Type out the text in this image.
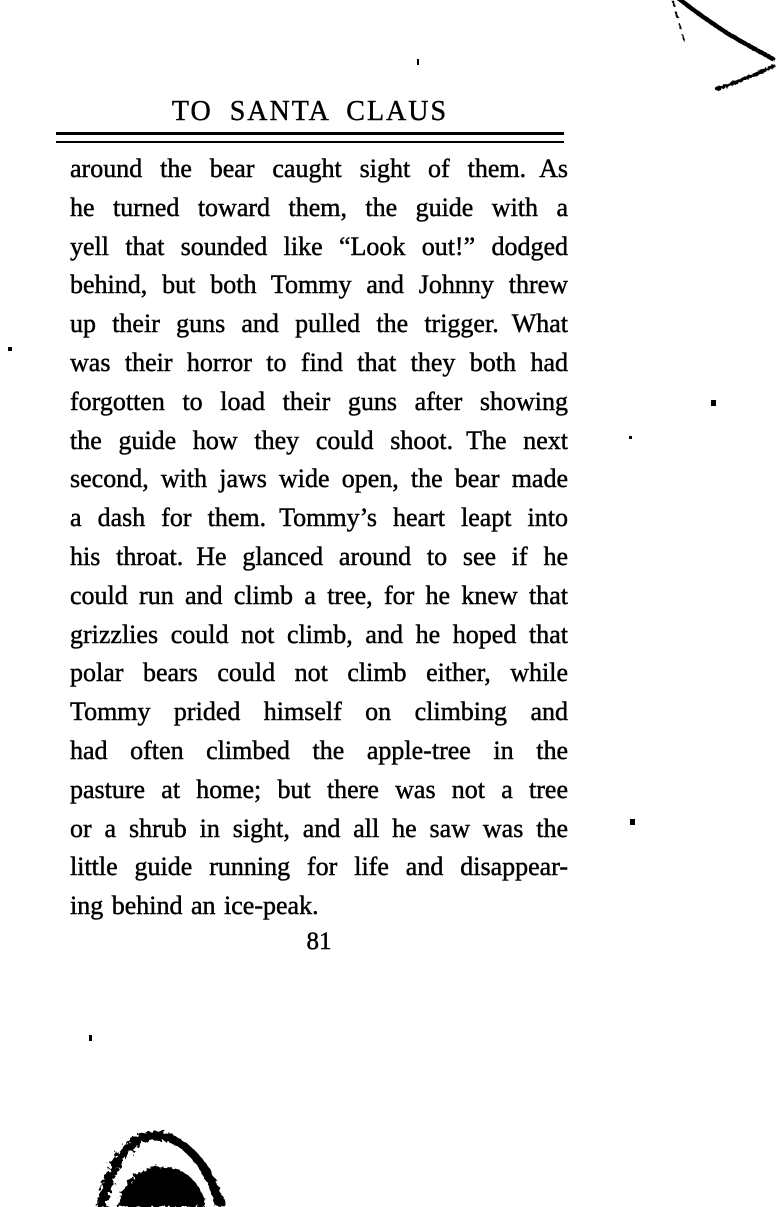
TO SANTA CLAUS
around the bear caught sight of them. As
he turned toward them, the guide with a
yell that sounded like “Look out!” dodged
behind, but both Tommy and Johnny threw
up their guns and pulled the trigger. What
was their horror to find that they both had
forgotten to load their guns after showing
the guide how they could shoot. The next
second, with jaws wide open, the bear made
a dash for them. Tommy’s heart leapt into
his throat. He glanced around to see if he
could run and climb a tree, for he knew that
grizzlies could not climb, and he hoped that
polar bears could not climb either, while
Tommy prided himself on climbing and
had often climbed the apple-tree in the
pasture at home; but there was not a tree
or a shrub in sight, and all he saw was the
little guide running for life and disappear-
ing behind an ice-peak.
81
